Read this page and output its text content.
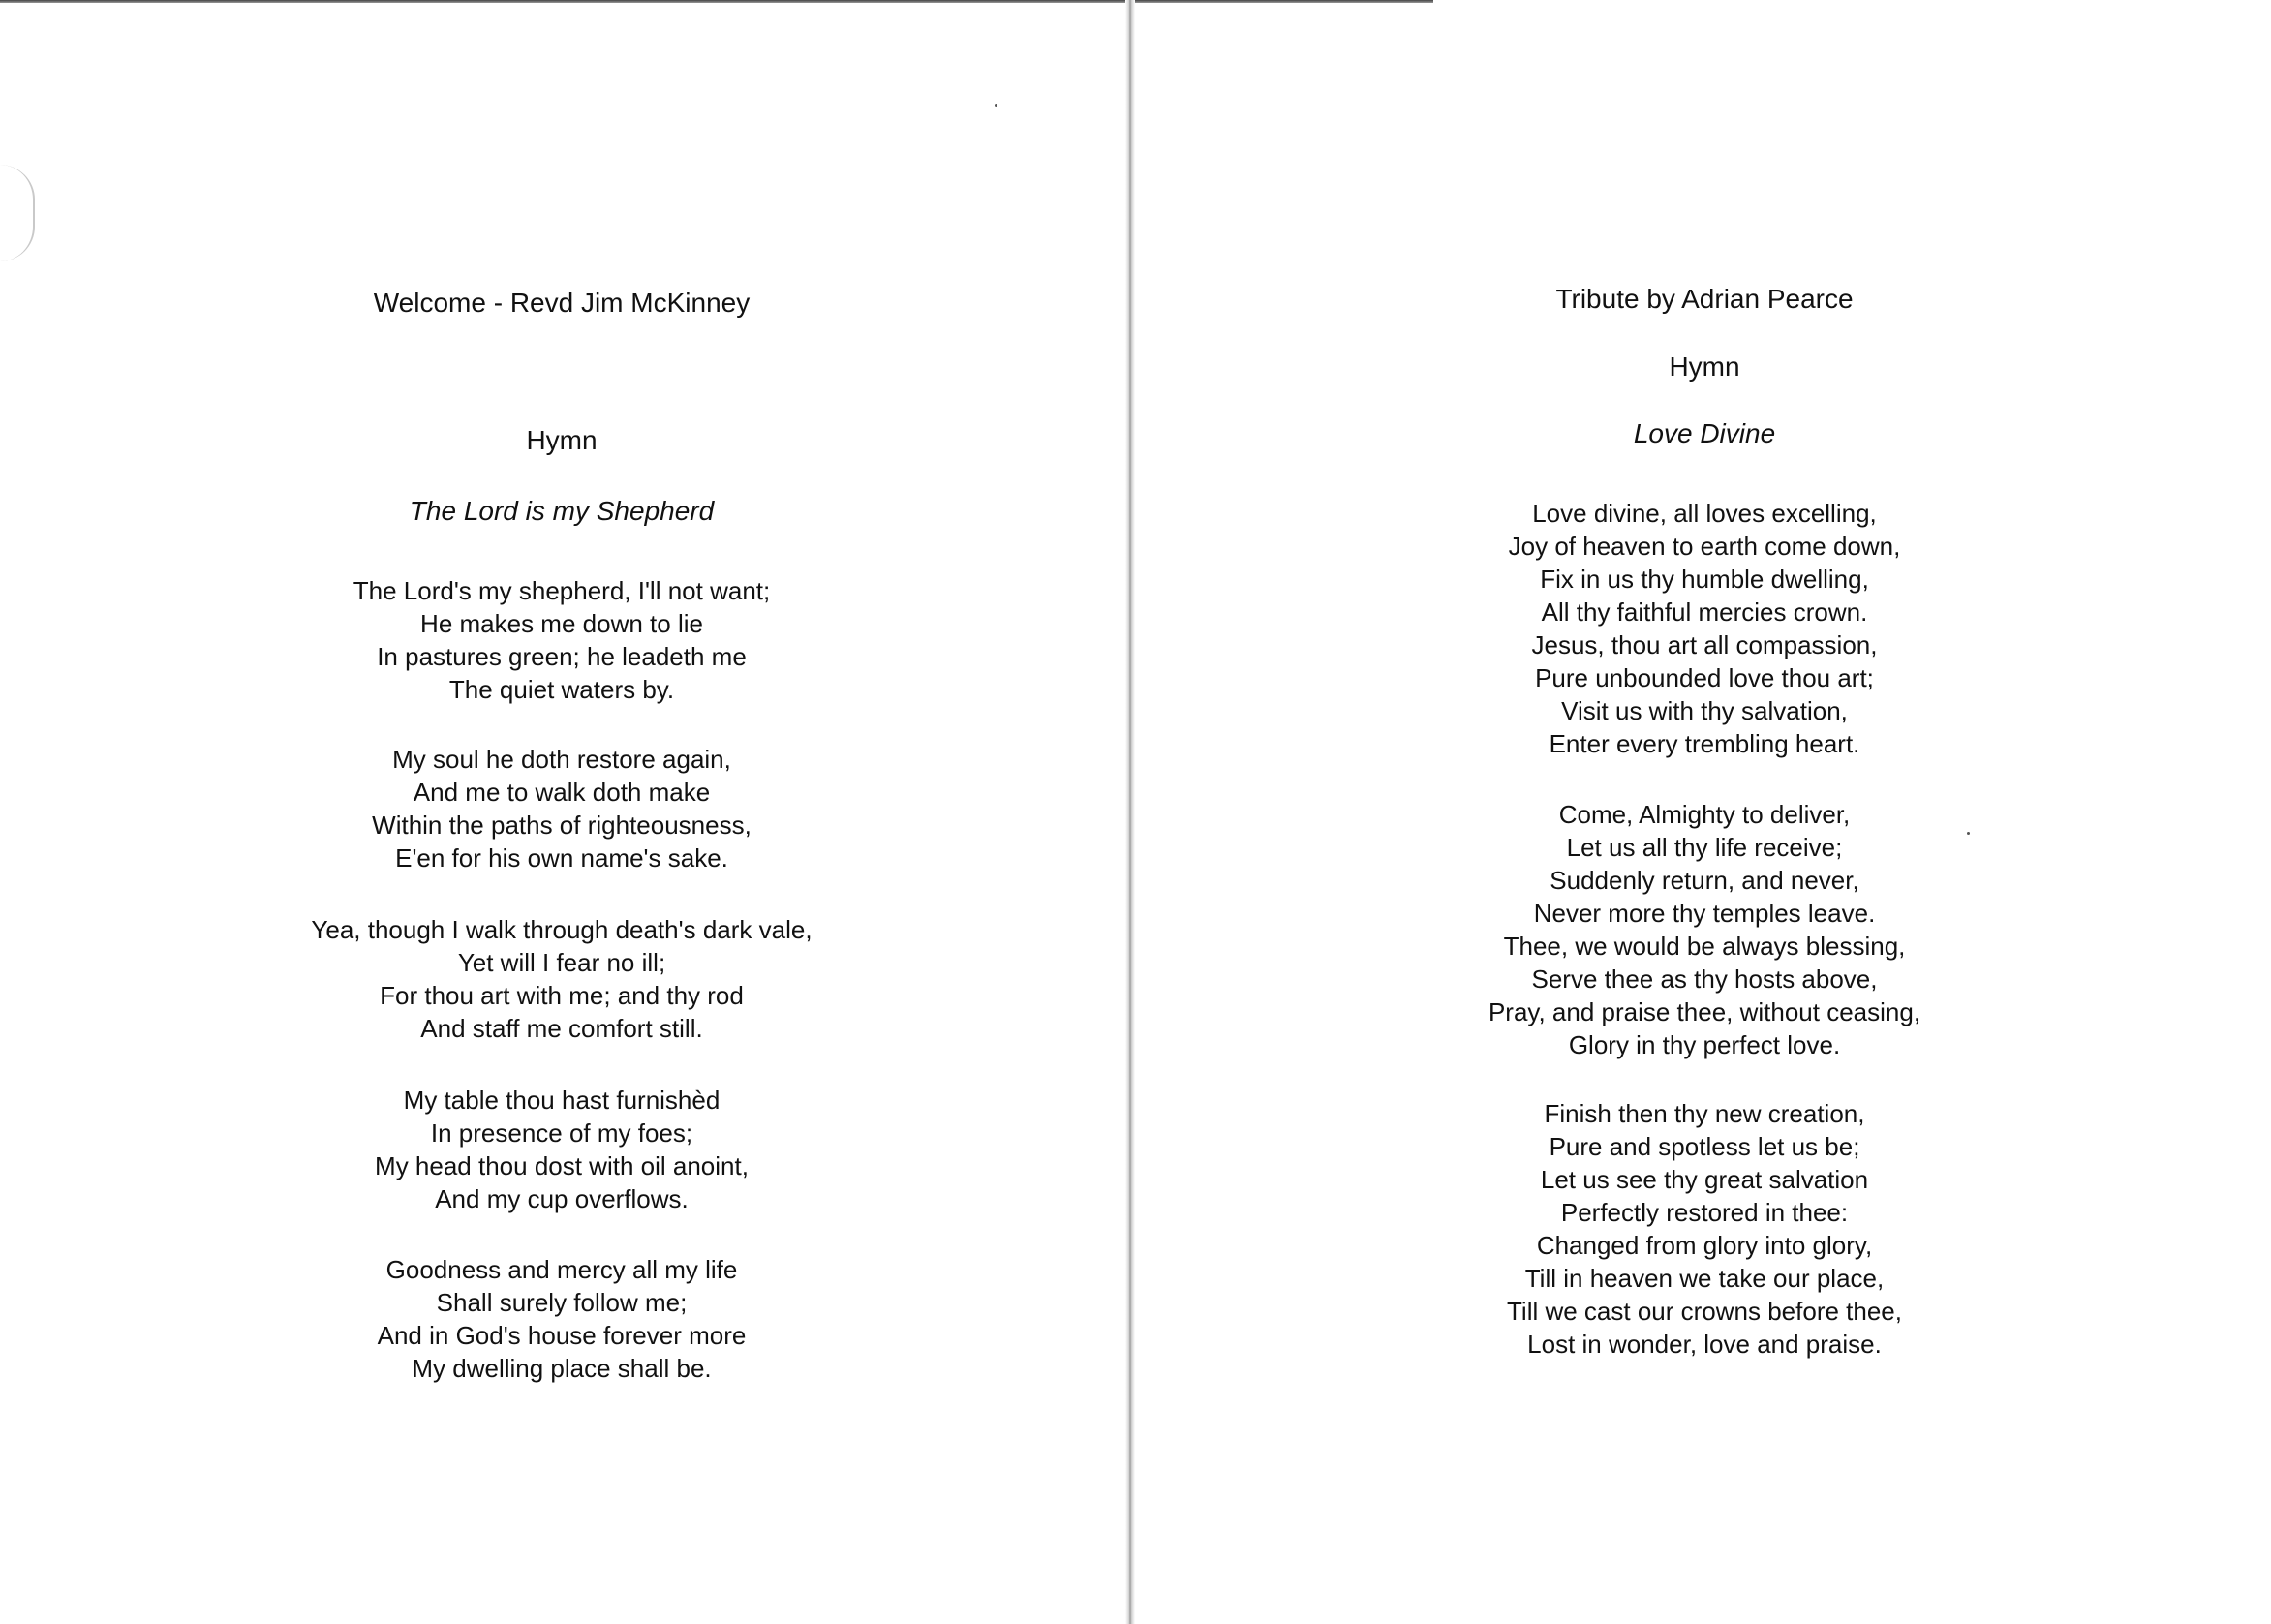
Welcome - Revd Jim McKinney

Hymn

The Lord is my Shepherd

The Lord's my shepherd, I'll not want;
He makes me down to lie
In pastures green; he leadeth me
The quiet waters by.
My soul he doth restore again,
And me to walk doth make
Within the paths of righteousness,
E'en for his own name's sake.
Yea, though I walk through death's dark vale,
Yet will I fear no ill;
For thou art with me; and thy rod
And staff me comfort still.
My table thou hast furnishèd
In presence of my foes;
My head thou dost with oil anoint,
And my cup overflows.
Goodness and mercy all my life
Shall surely follow me;
And in God's house forever more
My dwelling place shall be.

Tribute by Adrian Pearce

Hymn

Love Divine

Love divine, all loves excelling,
Joy of heaven to earth come down,
Fix in us thy humble dwelling,
All thy faithful mercies crown.
Jesus, thou art all compassion,
Pure unbounded love thou art;
Visit us with thy salvation,
Enter every trembling heart.
Come, Almighty to deliver,
Let us all thy life receive;
Suddenly return, and never,
Never more thy temples leave.
Thee, we would be always blessing,
Serve thee as thy hosts above,
Pray, and praise thee, without ceasing,
Glory in thy perfect love.
Finish then thy new creation,
Pure and spotless let us be;
Let us see thy great salvation
Perfectly restored in thee:
Changed from glory into glory,
Till in heaven we take our place,
Till we cast our crowns before thee,
Lost in wonder, love and praise.
